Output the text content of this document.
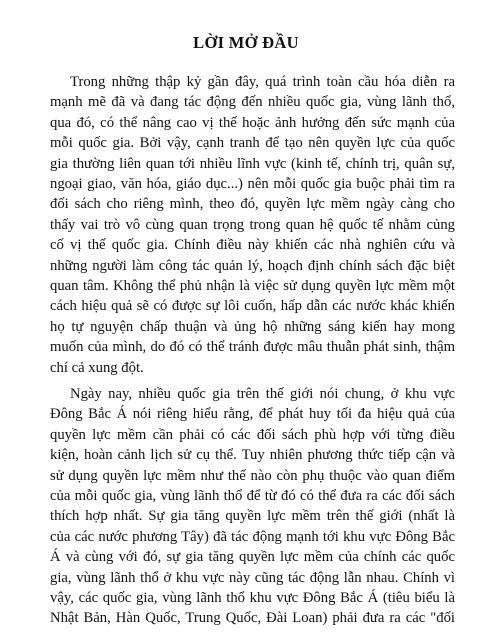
LỜI MỞ ĐẦU
Trong những thập kỷ gần đây, quá trình toàn cầu hóa diễn ra
mạnh mẽ đã và đang tác động đến nhiều quốc gia, vùng lãnh thổ,
qua đó, có thể nâng cao vị thế hoặc ảnh hưởng đến sức mạnh của
mỗi quốc gia. Bởi vậy, cạnh tranh để tạo nên quyền lực của quốc
gia thường liên quan tới nhiều lĩnh vực (kinh tế, chính trị, quân sự,
ngoại giao, văn hóa, giáo dục...) nên mỗi quốc gia buộc phải tìm ra
đối sách cho riêng mình, theo đó, quyền lực mềm ngày càng cho
thấy vai trò vô cùng quan trọng trong quan hệ quốc tế nhằm củng
cố vị thế quốc gia. Chính điều này khiến các nhà nghiên cứu và
những người làm công tác quản lý, hoạch định chính sách đặc biệt
quan tâm. Không thể phủ nhận là việc sử dụng quyền lực mềm một
cách hiệu quả sẽ có được sự lôi cuốn, hấp dẫn các nước khác khiến
họ tự nguyện chấp thuận và ủng hộ những sáng kiến hay mong
muốn của mình, do đó có thể tránh được mâu thuẫn phát sinh, thậm
chí cả xung đột.
Ngày nay, nhiều quốc gia trên thế giới nói chung, ở khu vực
Đông Bắc Á nói riêng hiểu rằng, để phát huy tối đa hiệu quả của
quyền lực mềm cần phải có các đối sách phù hợp với từng điều
kiện, hoàn cảnh lịch sử cụ thể. Tuy nhiên phương thức tiếp cận và
sử dụng quyền lực mềm như thế nào còn phụ thuộc vào quan điểm
của mỗi quốc gia, vùng lãnh thổ để từ đó có thể đưa ra các đối sách
thích hợp nhất. Sự gia tăng quyền lực mềm trên thế giới (nhất là
của các nước phương Tây) đã tác động mạnh tới khu vực Đông Bắc
Á và cùng với đó, sự gia tăng quyền lực mềm của chính các quốc
gia, vùng lãnh thổ ở khu vực này cũng tác động lẫn nhau. Chính vì
vậy, các quốc gia, vùng lãnh thổ khu vực Đông Bắc Á (tiêu biểu là
Nhật Bản, Hàn Quốc, Trung Quốc, Đài Loan) phải đưa ra các "đối
